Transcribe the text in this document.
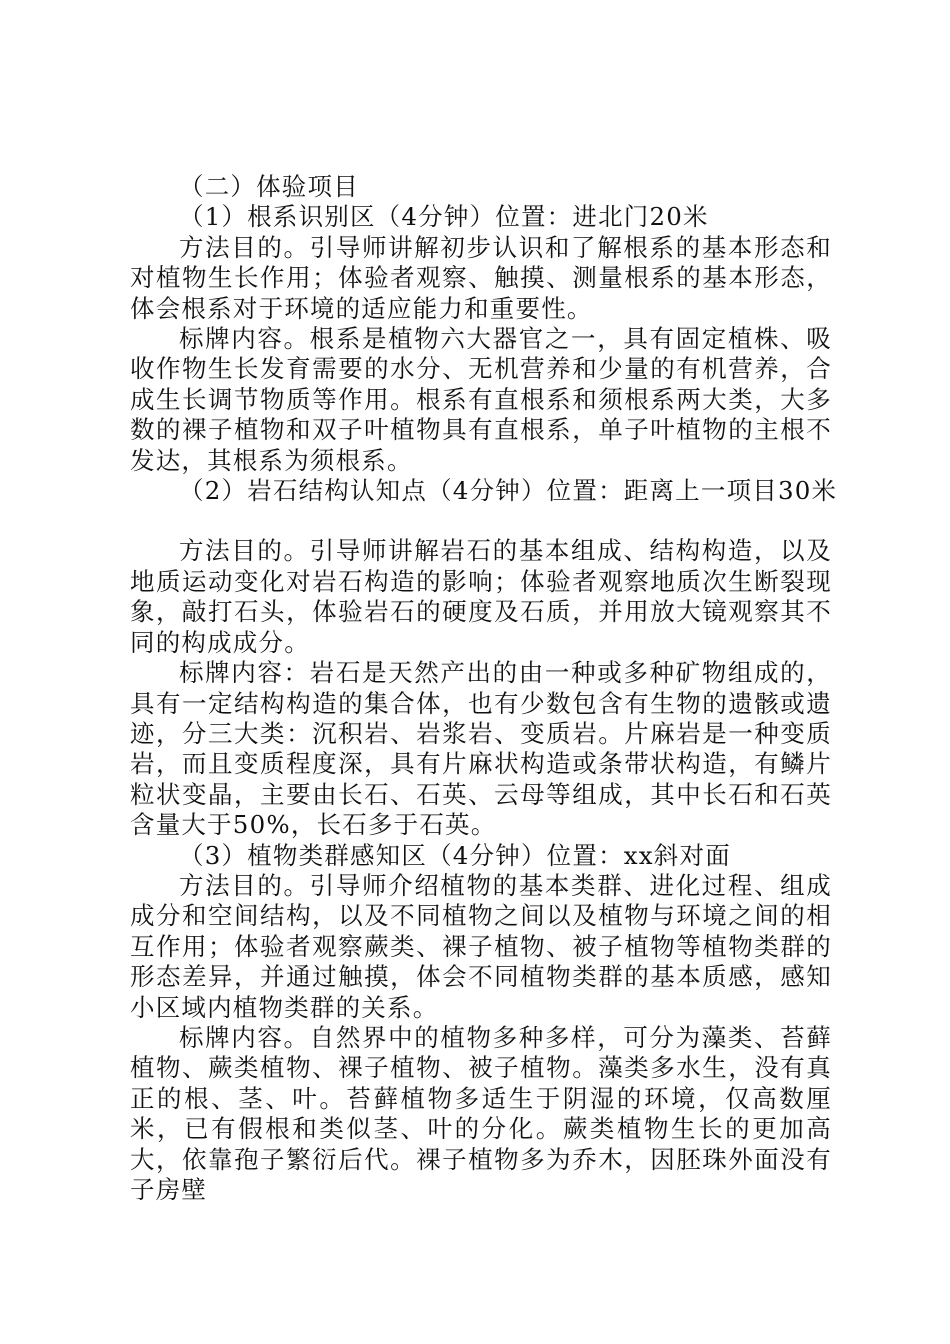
（二）体验项目

（1）根系识别区（4分钟）位置：进北门20米

方法目的。引导师讲解初步认识和了解根系的基本形态和对植物生长作用；体验者观察、触摸、测量根系的基本形态，体会根系对于环境的适应能力和重要性。

标牌内容。根系是植物六大器官之一，具有固定植株、吸收作物生长发育需要的水分、无机营养和少量的有机营养，合成生长调节物质等作用。根系有直根系和须根系两大类，大多数的裸子植物和双子叶植物具有直根系，单子叶植物的主根不发达，其根系为须根系。

（2）岩石结构认知点（4分钟）位置：距离上一项目30米

方法目的。引导师讲解岩石的基本组成、结构构造，以及地质运动变化对岩石构造的影响；体验者观察地质次生断裂现象，敲打石头，体验岩石的硬度及石质，并用放大镜观察其不同的构成成分。

标牌内容：岩石是天然产出的由一种或多种矿物组成的，具有一定结构构造的集合体，也有少数包含有生物的遗骸或遗迹，分三大类：沉积岩、岩浆岩、变质岩。片麻岩是一种变质岩，而且变质程度深，具有片麻状构造或条带状构造，有鳞片粒状变晶，主要由长石、石英、云母等组成，其中长石和石英含量大于50%，长石多于石英。

（3）植物类群感知区（4分钟）位置：xx斜对面

方法目的。引导师介绍植物的基本类群、进化过程、组成成分和空间结构，以及不同植物之间以及植物与环境之间的相互作用；体验者观察蕨类、裸子植物、被子植物等植物类群的形态差异，并通过触摸，体会不同植物类群的基本质感，感知小区域内植物类群的关系。

标牌内容。自然界中的植物多种多样，可分为藻类、苔藓植物、蕨类植物、裸子植物、被子植物。藻类多水生，没有真正的根、茎、叶。苔藓植物多适生于阴湿的环境，仅高数厘米，已有假根和类似茎、叶的分化。蕨类植物生长的更加高大，依靠孢子繁衍后代。裸子植物多为乔木，因胚珠外面没有子房壁
